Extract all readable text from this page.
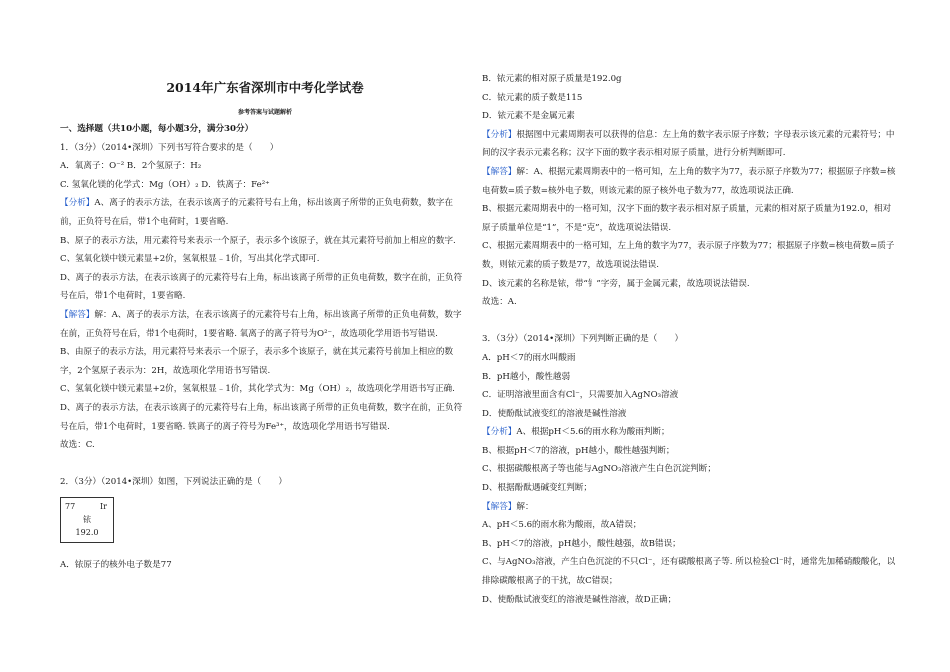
2014年广东省深圳市中考化学试卷
参考答案与试题解析

一、选择题（共10小题，每小题3分，满分30分）

1．（3分）（2014•深圳）下列书写符合要求的是（　　）

A．氧离子：O⁻² B．2个氢原子：H₂

C. 氢氧化镁的化学式：Mg（OH）₂ D．铁离子：Fe²⁺

【分析】A、离子的表示方法，在表示该离子的元素符号右上角，标出该离子所带的正负电荷数，数字在前，正负符号在后，带1个电荷时，1要省略.

B、原子的表示方法，用元素符号来表示一个原子，表示多个该原子，就在其元素符号前加上相应的数字.

C、氢氧化镁中镁元素显+2价，氢氧根显﹣1价，写出其化学式即可.

D、离子的表示方法，在表示该离子的元素符号右上角，标出该离子所带的正负电荷数，数字在前，正负符号在后，带1个电荷时，1要省略.

【解答】解：A、离子的表示方法，在表示该离子的元素符号右上角，标出该离子所带的正负电荷数，数字在前，正负符号在后，带1个电荷时，1要省略. 氧离子的离子符号为O²⁻，故选项化学用语书写错误.

B、由原子的表示方法，用元素符号来表示一个原子，表示多个该原子，就在其元素符号前加上相应的数字，2个氢原子表示为：2H，故选项化学用语书写错误.

C、氢氧化镁中镁元素显+2价，氢氧根显﹣1价，其化学式为：Mg（OH）₂，故选项化学用语书写正确.

D、离子的表示方法，在表示该离子的元素符号右上角，标出该离子所带的正负电荷数，数字在前，正负符号在后，带1个电荷时，1要省略. 铁离子的离子符号为Fe³⁺，故选项化学用语书写错误.

故选：C.

2．（3分）（2014•深圳）如图，下列说法正确的是（　　）

77	Ir
铱
192.0

A．铱原子的核外电子数是77

B．铱元素的相对原子质量是192.0g

C．铱元素的质子数是115

D．铱元素不是金属元素

【分析】根据图中元素周期表可以获得的信息：左上角的数字表示原子序数；字母表示该元素的元素符号；中间的汉字表示元素名称；汉字下面的数字表示相对原子质量，进行分析判断即可.

【解答】解：A、根据元素周期表中的一格可知，左上角的数字为77，表示原子序数为77；根据原子序数=核电荷数=质子数=核外电子数，则该元素的原子核外电子数为77，故选项说法正确.

B、根据元素周期表中的一格可知，汉字下面的数字表示相对原子质量，元素的相对原子质量为192.0，相对原子质量单位是“1”，不是“克”，故选项说法错误.

C、根据元素周期表中的一格可知，左上角的数字为77，表示原子序数为77；根据原子序数=核电荷数=质子数，则铱元素的质子数是77，故选项说法错误.

D、该元素的名称是铱，带“钅”字旁，属于金属元素，故选项说法错误.

故选：A.

3．（3分）（2014•深圳）下列判断正确的是（　　）

A．pH＜7的雨水叫酸雨

B．pH越小，酸性越弱

C．证明溶液里面含有Cl⁻，只需要加入AgNO₃溶液

D．使酚酞试液变红的溶液是碱性溶液

【分析】A、根据pH＜5.6的雨水称为酸雨判断；

B、根据pH＜7的溶液，pH越小，酸性越强判断；

C、根据碳酸根离子等也能与AgNO₃溶液产生白色沉淀判断；

D、根据酚酞遇碱变红判断；

【解答】解：

A、pH＜5.6的雨水称为酸雨，故A错误；

B、pH＜7的溶液，pH越小，酸性越强，故B错误；

C、与AgNO₃溶液，产生白色沉淀的不只Cl⁻，还有碳酸根离子等. 所以检验Cl⁻时，通常先加稀硝酸酸化，以排除碳酸根离子的干扰，故C错误；

D、使酚酞试液变红的溶液是碱性溶液，故D正确；
